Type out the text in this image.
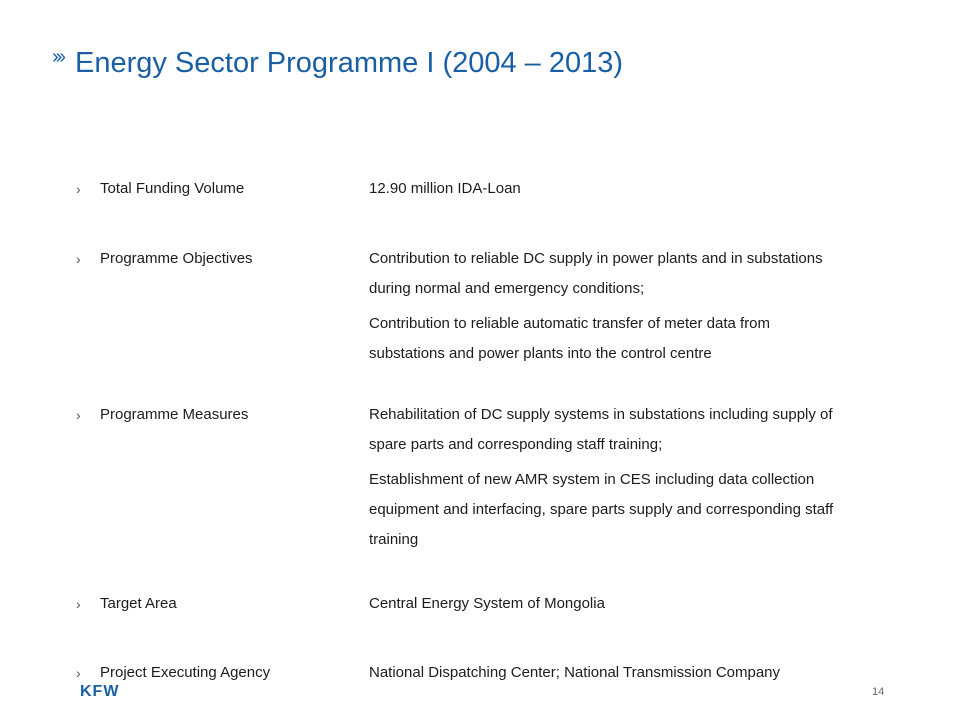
››› Energy Sector Programme I (2004 – 2013)
›	Total Funding Volume	12.90 million IDA-Loan

›	Programme Objectives	Contribution to reliable DC supply in power plants and in substations during normal and emergency conditions;

Contribution to reliable automatic transfer of meter data from substations and power plants into the control centre

›	Programme Measures	Rehabilitation of DC supply systems in substations including supply of spare parts and corresponding staff training;

Establishment of new AMR system in CES including data collection equipment and interfacing, spare parts supply and corresponding staff training

›	Target Area	Central Energy System of Mongolia

›	Project Executing Agency	National Dispatching Center; National Transmission Company

KFW	14
